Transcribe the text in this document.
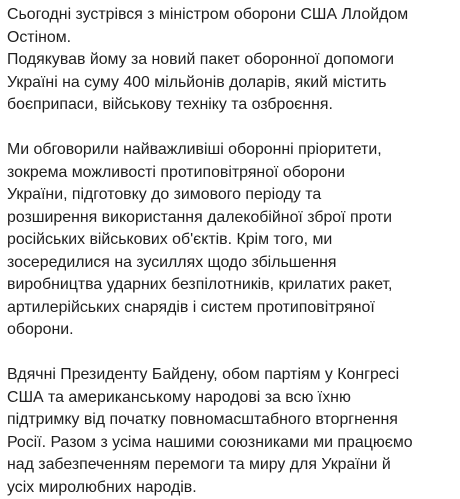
Сьогодні зустрівся з міністром оборони США Ллойдом
Остіном.
Подякував йому за новий пакет оборонної допомоги
Україні на суму 400 мільйонів доларів, який містить
боєприпаси, військову техніку та озброєння.

Ми обговорили найважливіші оборонні пріоритети,
зокрема можливості протиповітряної оборони
України, підготовку до зимового періоду та
розширення використання далекобійної зброї проти
російських військових об'єктів. Крім того, ми
зосередилися на зусиллях щодо збільшення
виробництва ударних безпілотників, крилатих ракет,
артилерійських снарядів і систем протиповітряної
оборони.

Вдячні Президенту Байдену, обом партіям у Конгресі
США та американському народові за всю їхню
підтримку від початку повномасштабного вторгнення
Росії. Разом з усіма нашими союзниками ми працюємо
над забезпеченням перемоги та миру для України й
усіх миролюбних народів.
